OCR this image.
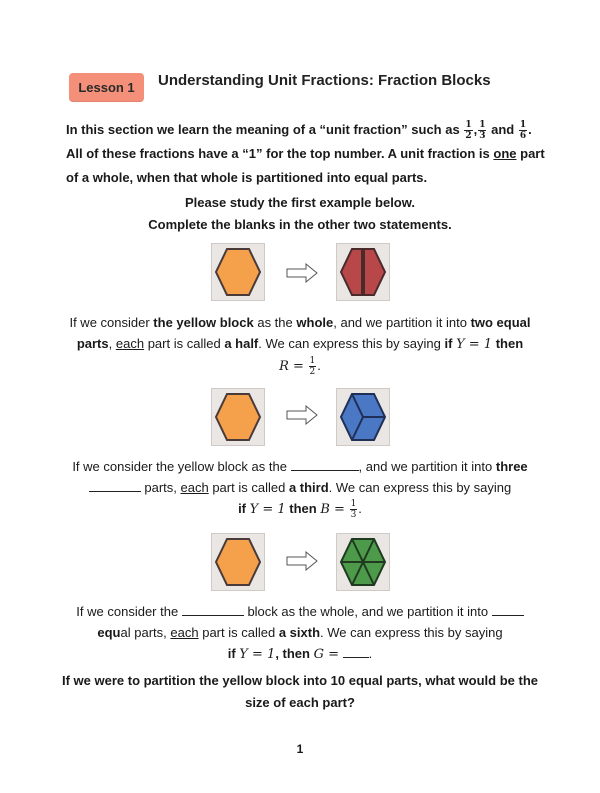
Lesson 1	Understanding Unit Fractions: Fraction Blocks
In this section we learn the meaning of a “unit fraction” such as $\frac{1}{2}$ , $\frac{1}{3}$ and $\frac{1}{6}$ . All of these fractions have a “1” for the top number. A unit fraction is one part of a whole, when that whole is partitioned into equal parts.
Please study the first example below.
Complete the blanks in the other two statements.
If we consider the yellow block as the whole, and we partition it into two equal parts, each part is called a half. We can express this by saying if Y = 1 then
$R = \frac{1}{2}$ .
If we consider the yellow block as the	, and we partition it into three
parts, each part is called a third. We can express this by saying
if Y = 1 then $B = \frac{1}{3}$ .
If we consider the	block as the whole, and we partition it into
equal parts, each part is called a sixth. We can express this by saying
if Y = 1, then G = .
If we were to partition the yellow block into 10 equal parts, what would be the
size of each part?
1
